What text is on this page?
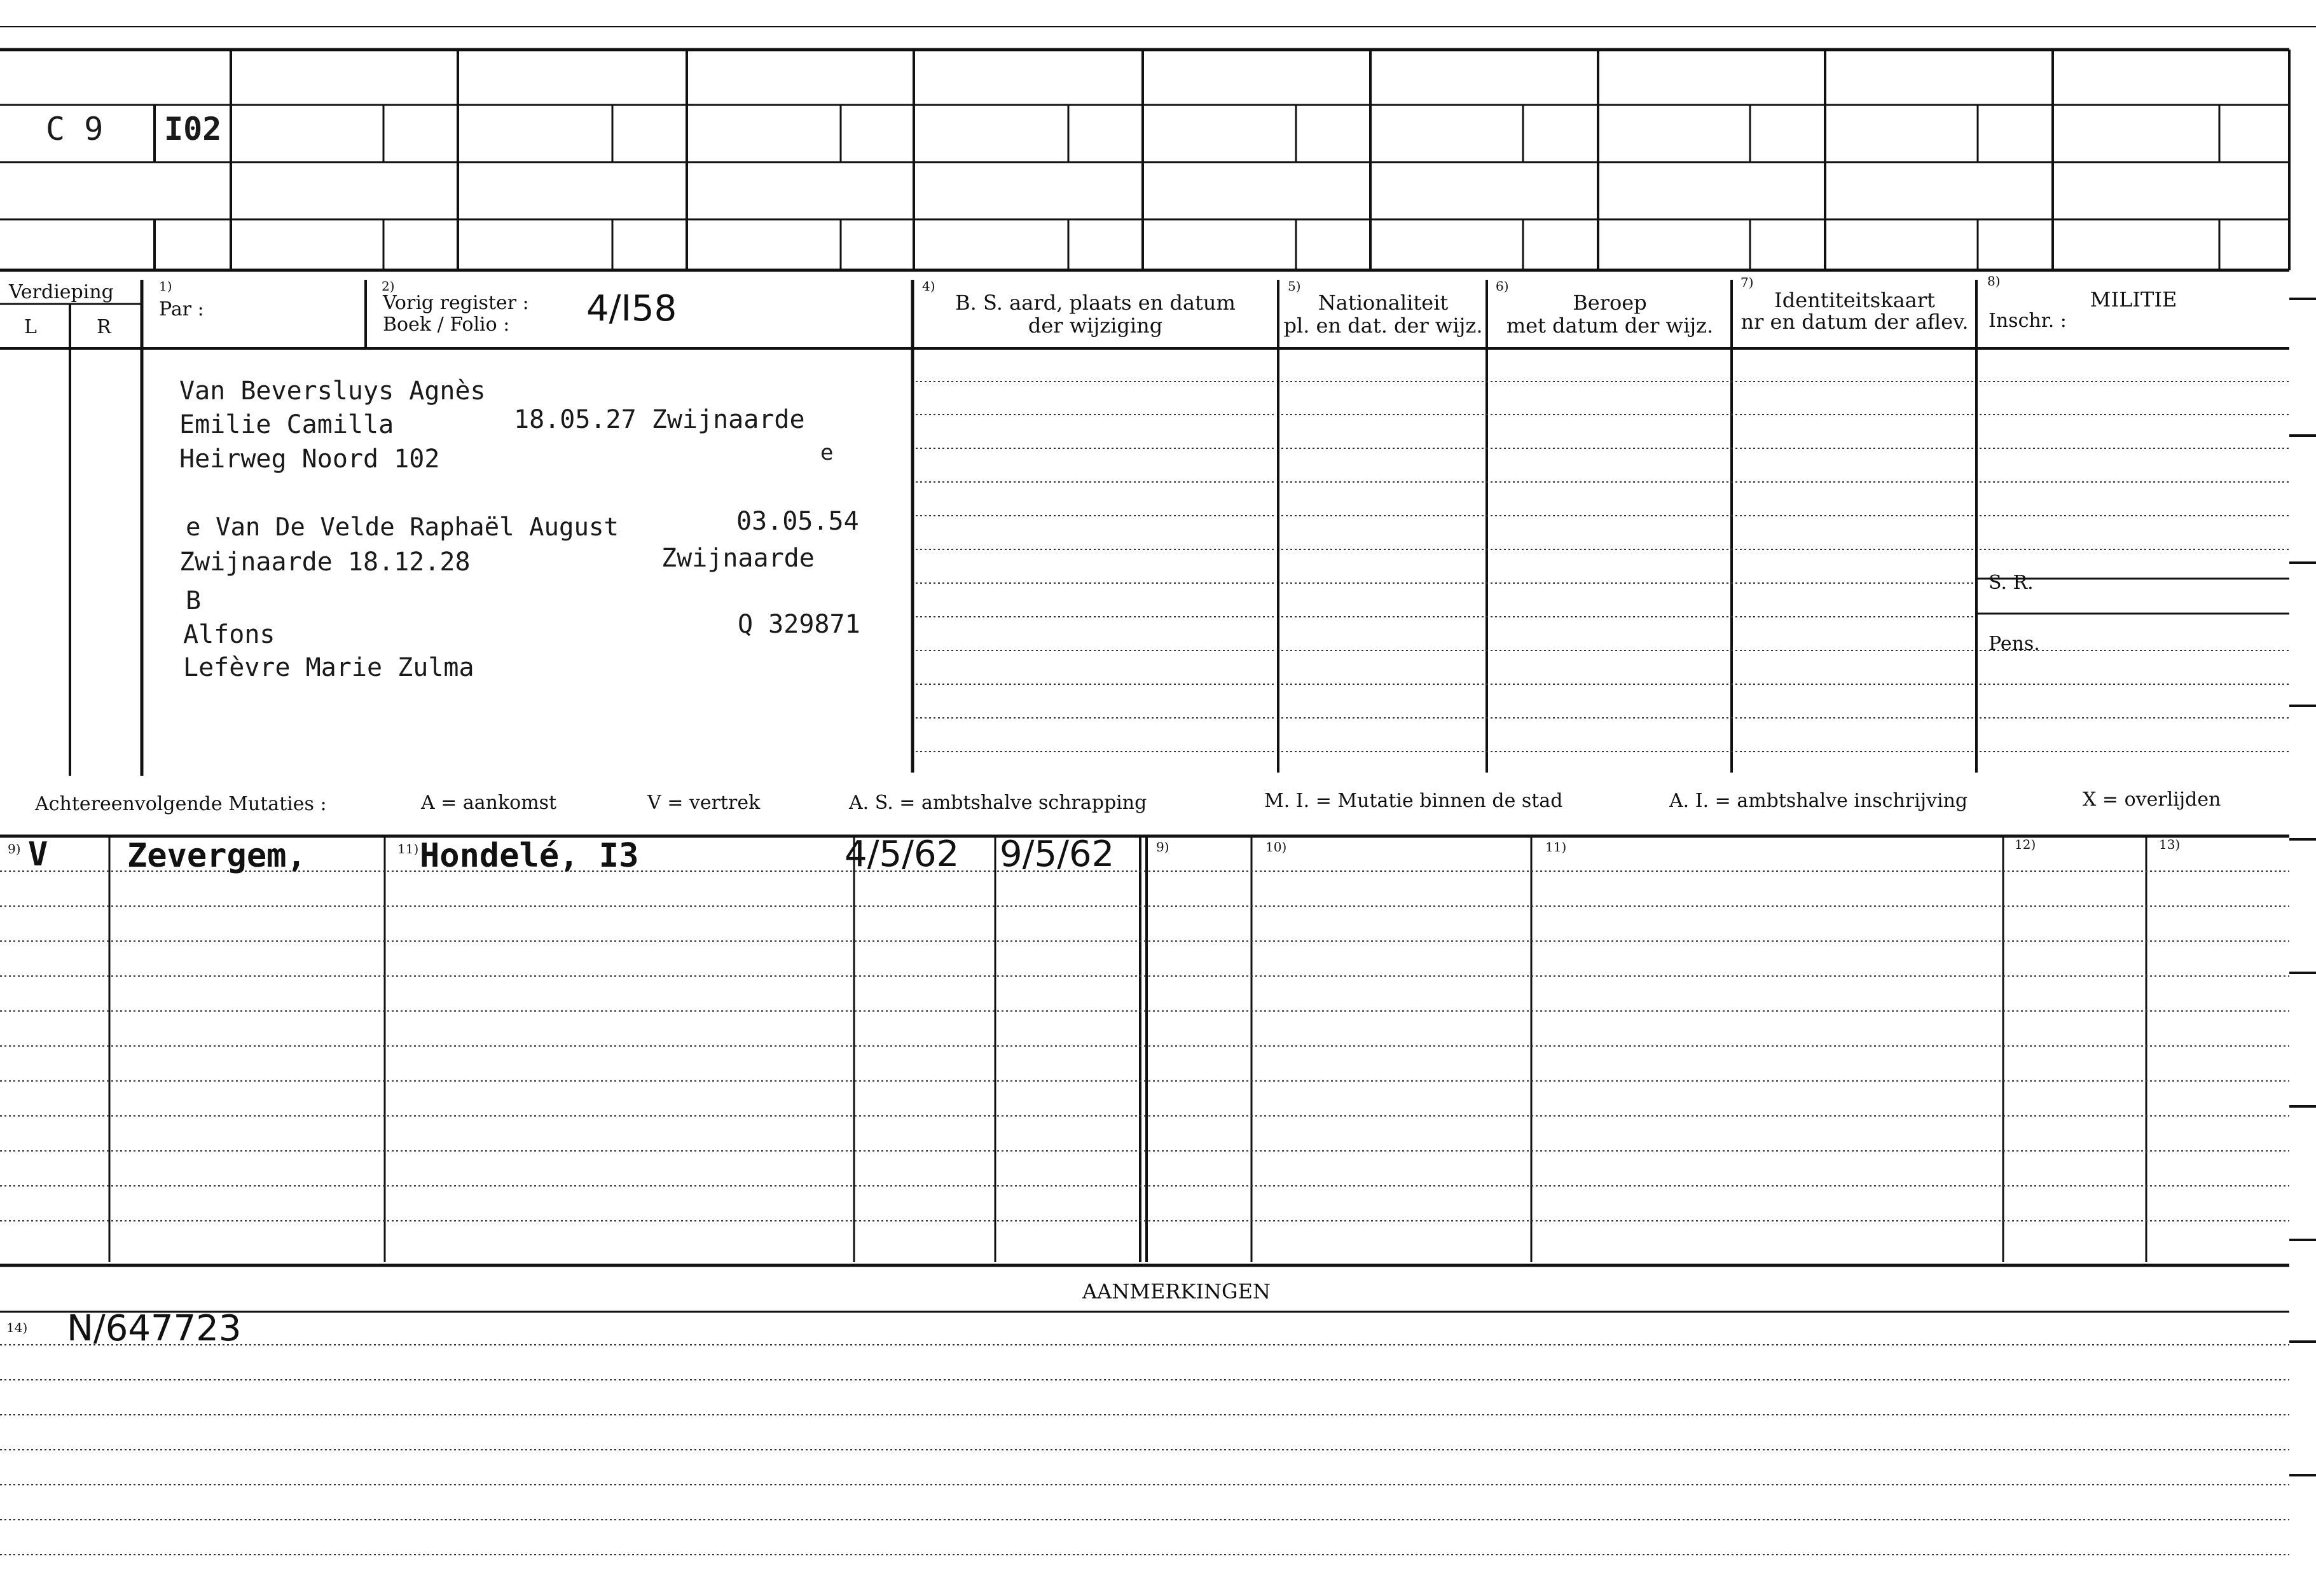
C 9 I02
Verdieping
L	R
1)
Par :
2)
Vorig register :
Boek / Folio : 4/I58
4)
B. S. aard, plaats en datum
der wijziging
5)
Nationaliteit
pl. en dat. der wijz.
6)
Beroep
met datum der wijz.
7)
Identiteitskaart
nr en datum der aflev.
8)
MILITIE
Inschr. :
S. R.
Pens.
Van Beversluys Agnès
Emilie Camilla	18.05.27 Zwijnaarde
Heirweg Noord 102	e
e Van De Velde Raphaël August	03.05.54
Zwijnaarde 18.12.28	Zwijnaarde
B
Alfons	Q 329871
Lefèvre Marie Zulma
Achtereenvolgende Mutaties :	A = aankomst	V = vertrek	A. S. = ambtshalve schrapping	M. I. = Mutatie binnen de stad	A. I. = ambtshalve inschrijving	X = overlijden
9)	11)	9)	10)	11)	12)	13)
V Zevergem,	Hondelé, I3	4/5/62 9/5/62
AANMERKINGEN
14) N/647723
